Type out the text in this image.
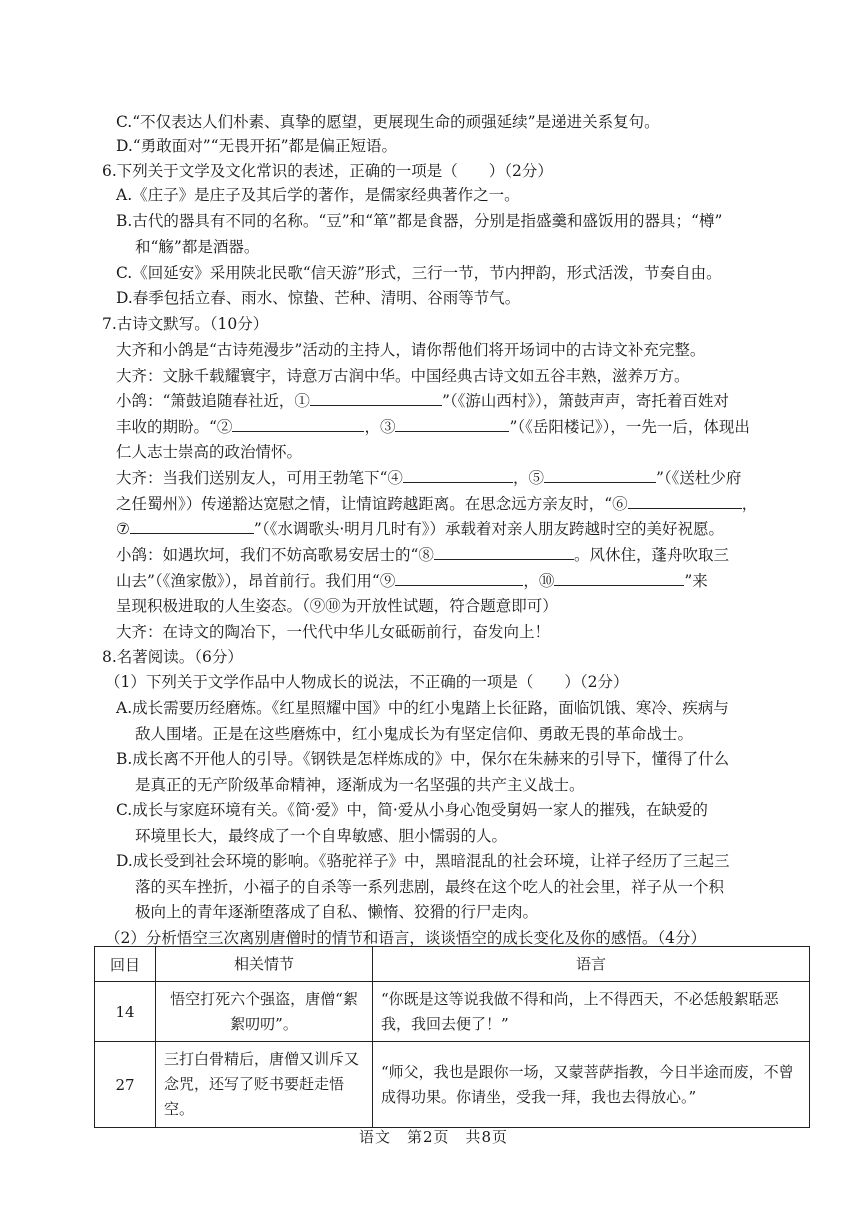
C.“不仅表达人们朴素、真挚的愿望，更展现生命的顽强延续”是递进关系复句。
D.“勇敢面对”“无畏开拓”都是偏正短语。
6.下列关于文学及文化常识的表述，正确的一项是（　　）（2分）
A.《庄子》是庄子及其后学的著作，是儒家经典著作之一。
B.古代的器具有不同的名称。“豆”和“箪”都是食器，分别是指盛羹和盛饭用的器具；“樽”
和“觞”都是酒器。
C.《回延安》采用陕北民歌“信天游”形式，三行一节，节内押韵，形式活泼，节奏自由。
D.春季包括立春、雨水、惊蛰、芒种、清明、谷雨等节气。
7.古诗文默写。（10分）
大齐和小鸽是“古诗苑漫步”活动的主持人，请你帮他们将开场词中的古诗文补充完整。
大齐：文脉千载耀寰宇，诗意万古润中华。中国经典古诗文如五谷丰熟，滋养万方。
小鸽：“箫鼓追随春社近，①	”（《游山西村》），箫鼓声声，寄托着百姓对
丰收的期盼。“②	，③	”（《岳阳楼记》），一先一后，体现出
仁人志士崇高的政治情怀。
大齐：当我们送别友人，可用王勃笔下“④	，⑤	”（《送杜少府
之任蜀州》）传递豁达宽慰之情，让情谊跨越距离。在思念远方亲友时，“⑥	，
⑦	”（《水调歌头·明月几时有》）承载着对亲人朋友跨越时空的美好祝愿。
小鸽：如遇坎坷，我们不妨高歌易安居士的“⑧	。风休住，蓬舟吹取三
山去”（《渔家傲》），昂首前行。我们用“⑨	，⑩	”来
呈现积极进取的人生姿态。（⑨⑩为开放性试题，符合题意即可）
大齐：在诗文的陶冶下，一代代中华儿女砥砺前行，奋发向上！
8.名著阅读。（6分）
（1）下列关于文学作品中人物成长的说法，不正确的一项是（　　）（2分）
A.成长需要历经磨炼。《红星照耀中国》中的红小鬼踏上长征路，面临饥饿、寒冷、疾病与
敌人围堵。正是在这些磨炼中，红小鬼成长为有坚定信仰、勇敢无畏的革命战士。
B.成长离不开他人的引导。《钢铁是怎样炼成的》中，保尔在朱赫来的引导下，懂得了什么
是真正的无产阶级革命精神，逐渐成为一名坚强的共产主义战士。
C.成长与家庭环境有关。《简·爱》中，简·爱从小身心饱受舅妈一家人的摧残，在缺爱的
环境里长大，最终成了一个自卑敏感、胆小懦弱的人。
D.成长受到社会环境的影响。《骆驼祥子》中，黑暗混乱的社会环境，让祥子经历了三起三
落的买车挫折，小福子的自杀等一系列悲剧，最终在这个吃人的社会里，祥子从一个积
极向上的青年逐渐堕落成了自私、懒惰、狡猾的行尸走肉。
（2）分析悟空三次离别唐僧时的情节和语言，谈谈悟空的成长变化及你的感悟。（4分）
回目	相关情节	语言
14	悟空打死六个强盗，唐僧“絮絮叨叨”。	“你既是这等说我做不得和尚，上不得西天，不必恁般絮聒恶我，我回去便了！”
27	三打白骨精后，唐僧又训斥又念咒，还写了贬书要赶走悟空。	“师父，我也是跟你一场，又蒙菩萨指教，今日半途而废，不曾成得功果。你请坐，受我一拜，我也去得放心。”
语文　第2页　共8页
